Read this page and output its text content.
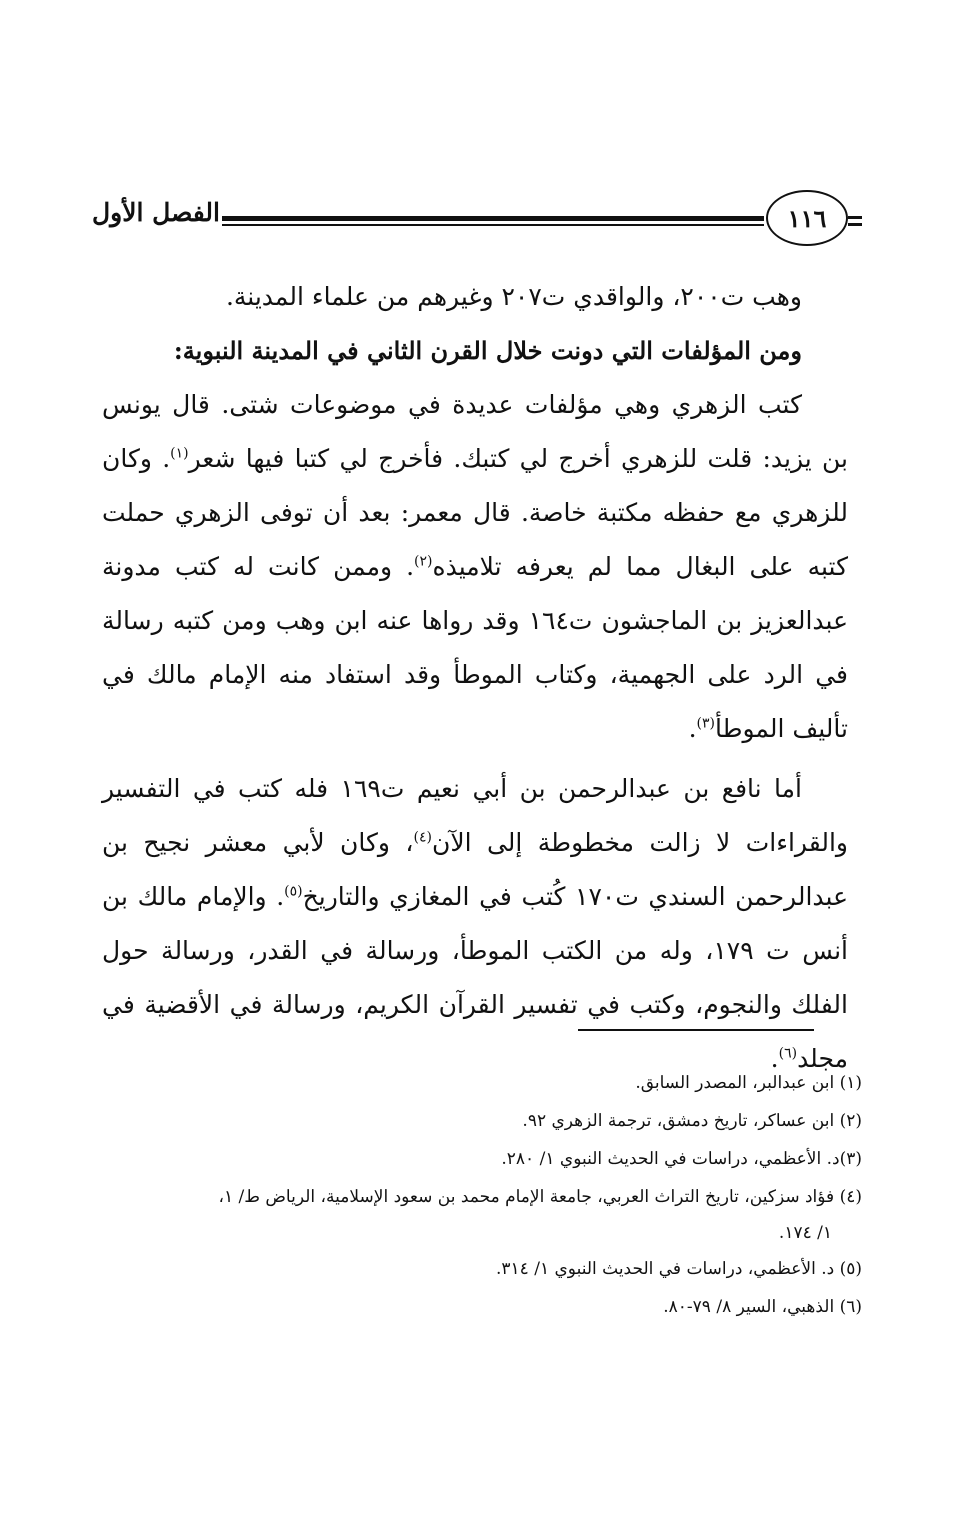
الفصل الأول	١١٦

وهب ت٢٠٠، والواقدي ت٢٠٧ وغيرهم من علماء المدينة.

ومن المؤلفات التي دونت خلال القرن الثاني في المدينة النبوية:

كتب الزهري وهي مؤلفات عديدة في موضوعات شتى. قال يونس بن يزيد: قلت للزهري أخرج لي كتبك. فأخرج لي كتبا فيها شعر$^{(١)}$. وكان للزهري مع حفظه مكتبة خاصة. قال معمر: بعد أن توفى الزهري حملت كتبه على البغال مما لم يعرفه تلاميذه$^{(٢)}$. وممن كانت له كتب مدونة عبدالعزيز بن الماجشون ت١٦٤ وقد رواها عنه ابن وهب ومن كتبه رسالة في الرد على الجهمية، وكتاب الموطأ وقد استفاد منه الإمام مالك في تأليف الموطأ$^{(٣)}$.

أما نافع بن عبدالرحمن بن أبي نعيم ت١٦٩ فله كتب في التفسير والقراءات لا زالت مخطوطة إلى الآن$^{(٤)}$، وكان لأبي معشر نجيح بن عبدالرحمن السندي ت١٧٠ كُتب في المغازي والتاريخ$^{(٥)}$. والإمام مالك بن أنس ت ١٧٩، وله من الكتب الموطأ، ورسالة في القدر، ورسالة حول الفلك والنجوم، وكتب في تفسير القرآن الكريم، ورسالة في الأقضية في مجلد$^{(٦)}$.

(١) ابن عبدالبر، المصدر السابق.

(٢) ابن عساكر، تاريخ دمشق، ترجمة الزهري ٩٢.

(٣)د. الأعظمي، دراسات في الحديث النبوي ١/ ٢٨٠.

(٤) فؤاد سزكين، تاريخ التراث العربي، جامعة الإمام محمد بن سعود الإسلامية، الرياض ط/ ١،
١/ ١٧٤.

(٥) د. الأعظمي، دراسات في الحديث النبوي ١/ ٣١٤.

(٦) الذهبي، السير ٨/ ٧٩-٨٠.
